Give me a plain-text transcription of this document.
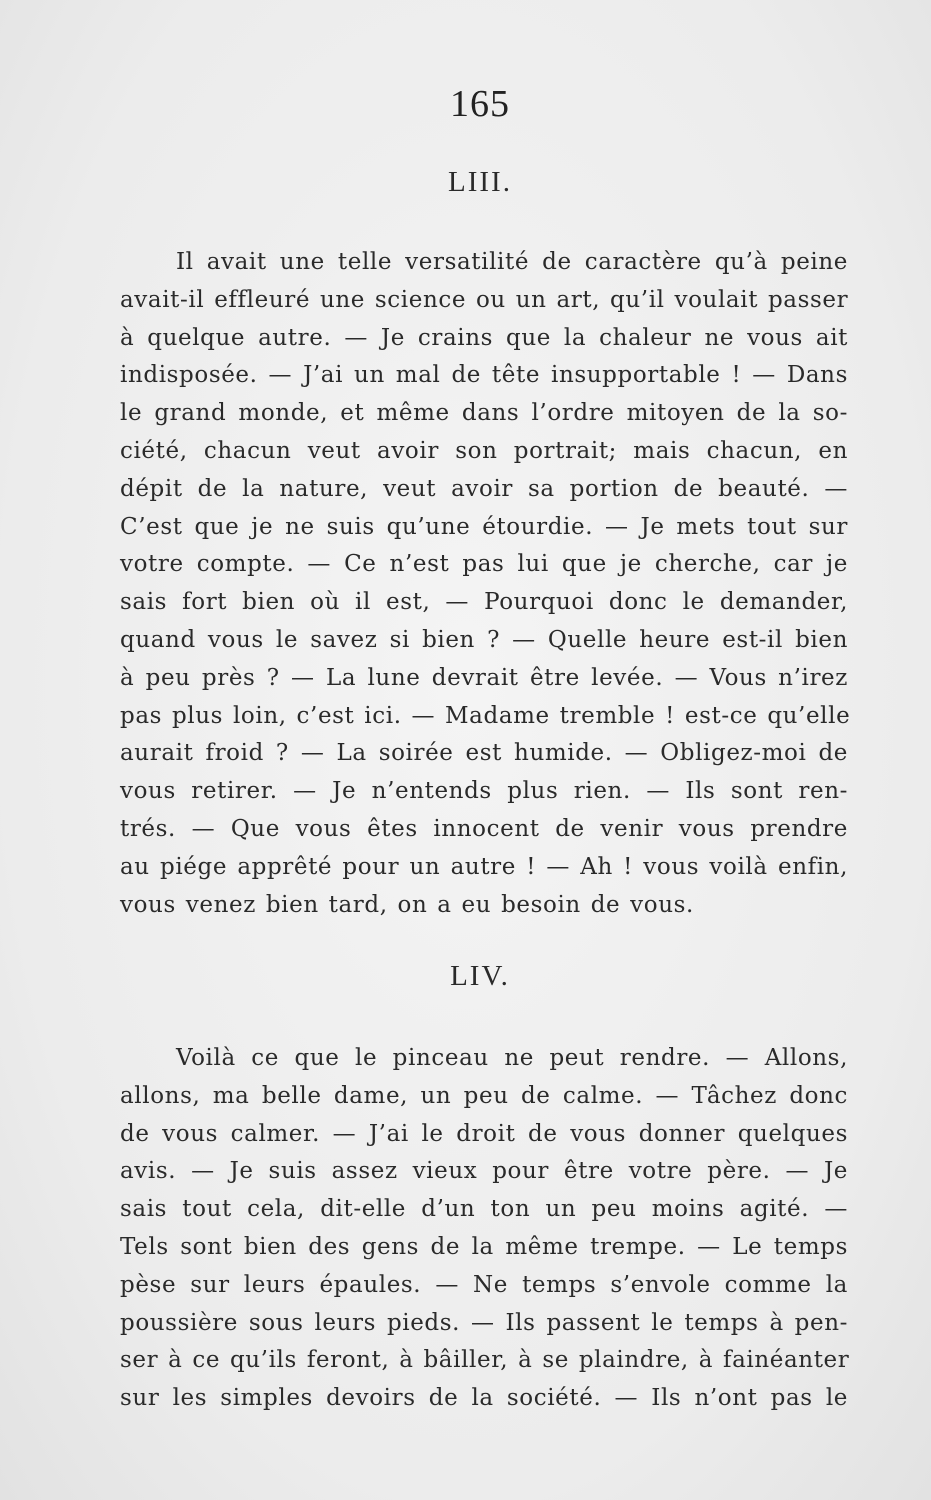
165
LIII.
Il avait une telle versatilité de caractère qu’à peine
avait-il effleuré une science ou un art, qu’il voulait passer
à quelque autre. — Je crains que la chaleur ne vous ait
indisposée. — J’ai un mal de tête insupportable ! — Dans
le grand monde, et même dans l’ordre mitoyen de la so-
ciété, chacun veut avoir son portrait; mais chacun, en
dépit de la nature, veut avoir sa portion de beauté. —
C’est que je ne suis qu’une étourdie. — Je mets tout sur
votre compte. — Ce n’est pas lui que je cherche, car je
sais fort bien où il est, — Pourquoi donc le demander,
quand vous le savez si bien ? — Quelle heure est-il bien
à peu près ? — La lune devrait être levée. — Vous n’irez
pas plus loin, c’est ici. — Madame tremble ! est-ce qu’elle
aurait froid ? — La soirée est humide. — Obligez-moi de
vous retirer. — Je n’entends plus rien. — Ils sont ren-
trés. — Que vous êtes innocent de venir vous prendre
au piége apprêté pour un autre ! — Ah ! vous voilà enfin,
vous venez bien tard, on a eu besoin de vous.
LIV.
Voilà ce que le pinceau ne peut rendre. — Allons,
allons, ma belle dame, un peu de calme. — Tâchez donc
de vous calmer. — J’ai le droit de vous donner quelques
avis. — Je suis assez vieux pour être votre père. — Je
sais tout cela, dit-elle d’un ton un peu moins agité. —
Tels sont bien des gens de la même trempe. — Le temps
pèse sur leurs épaules. — Ne temps s’envole comme la
poussière sous leurs pieds. — Ils passent le temps à pen-
ser à ce qu’ils feront, à bâiller, à se plaindre, à fainéanter
sur les simples devoirs de la société. — Ils n’ont pas le
